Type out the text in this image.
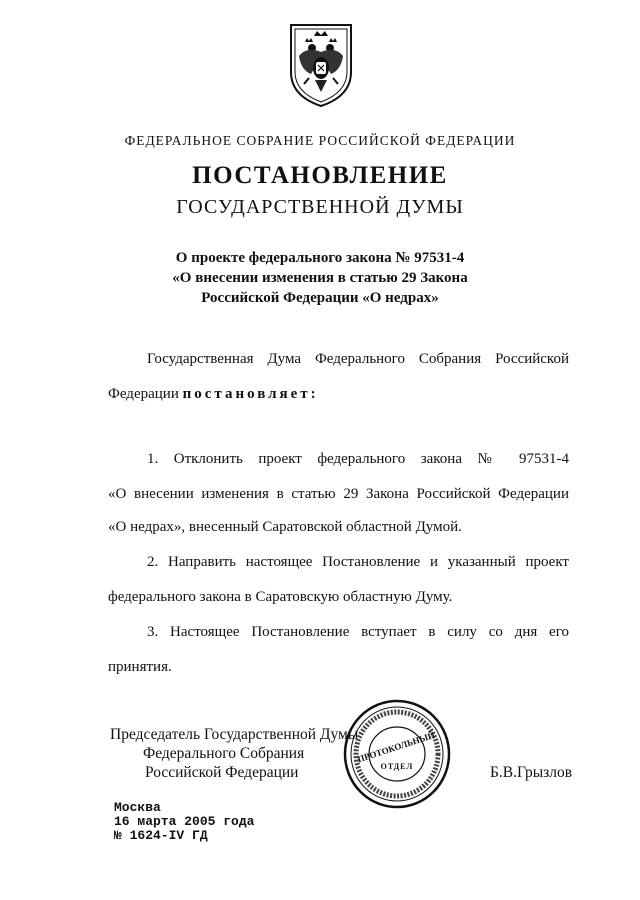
ФЕДЕРАЛЬНОЕ СОБРАНИЕ РОССИЙСКОЙ ФЕДЕРАЦИИ
ПОСТАНОВЛЕНИЕ
ГОСУДАРСТВЕННОЙ ДУМЫ
О проекте федерального закона № 97531-4
«О внесении изменения в статью 29 Закона
Российской Федерации «О недрах»
Государственная Дума Федерального Собрания Российской
Федерации постановляет:
1. Отклонить проект федерального закона № 97531-4
«О внесении изменения в статью 29 Закона Российской Федерации
«О недрах», внесенный Саратовской областной Думой.
2. Направить настоящее Постановление и указанный проект
федерального закона в Саратовскую областную Думу.
3. Настоящее Постановление вступает в силу со дня его
принятия.
Председатель Государственной Думы
Федерального Собрания
Российской Федерации	Б.В.Грызлов
ПРОТОКОЛЬНЫЙ
ОТДЕЛ
Москва
16 марта 2005 года
№ 1624-IV ГД
